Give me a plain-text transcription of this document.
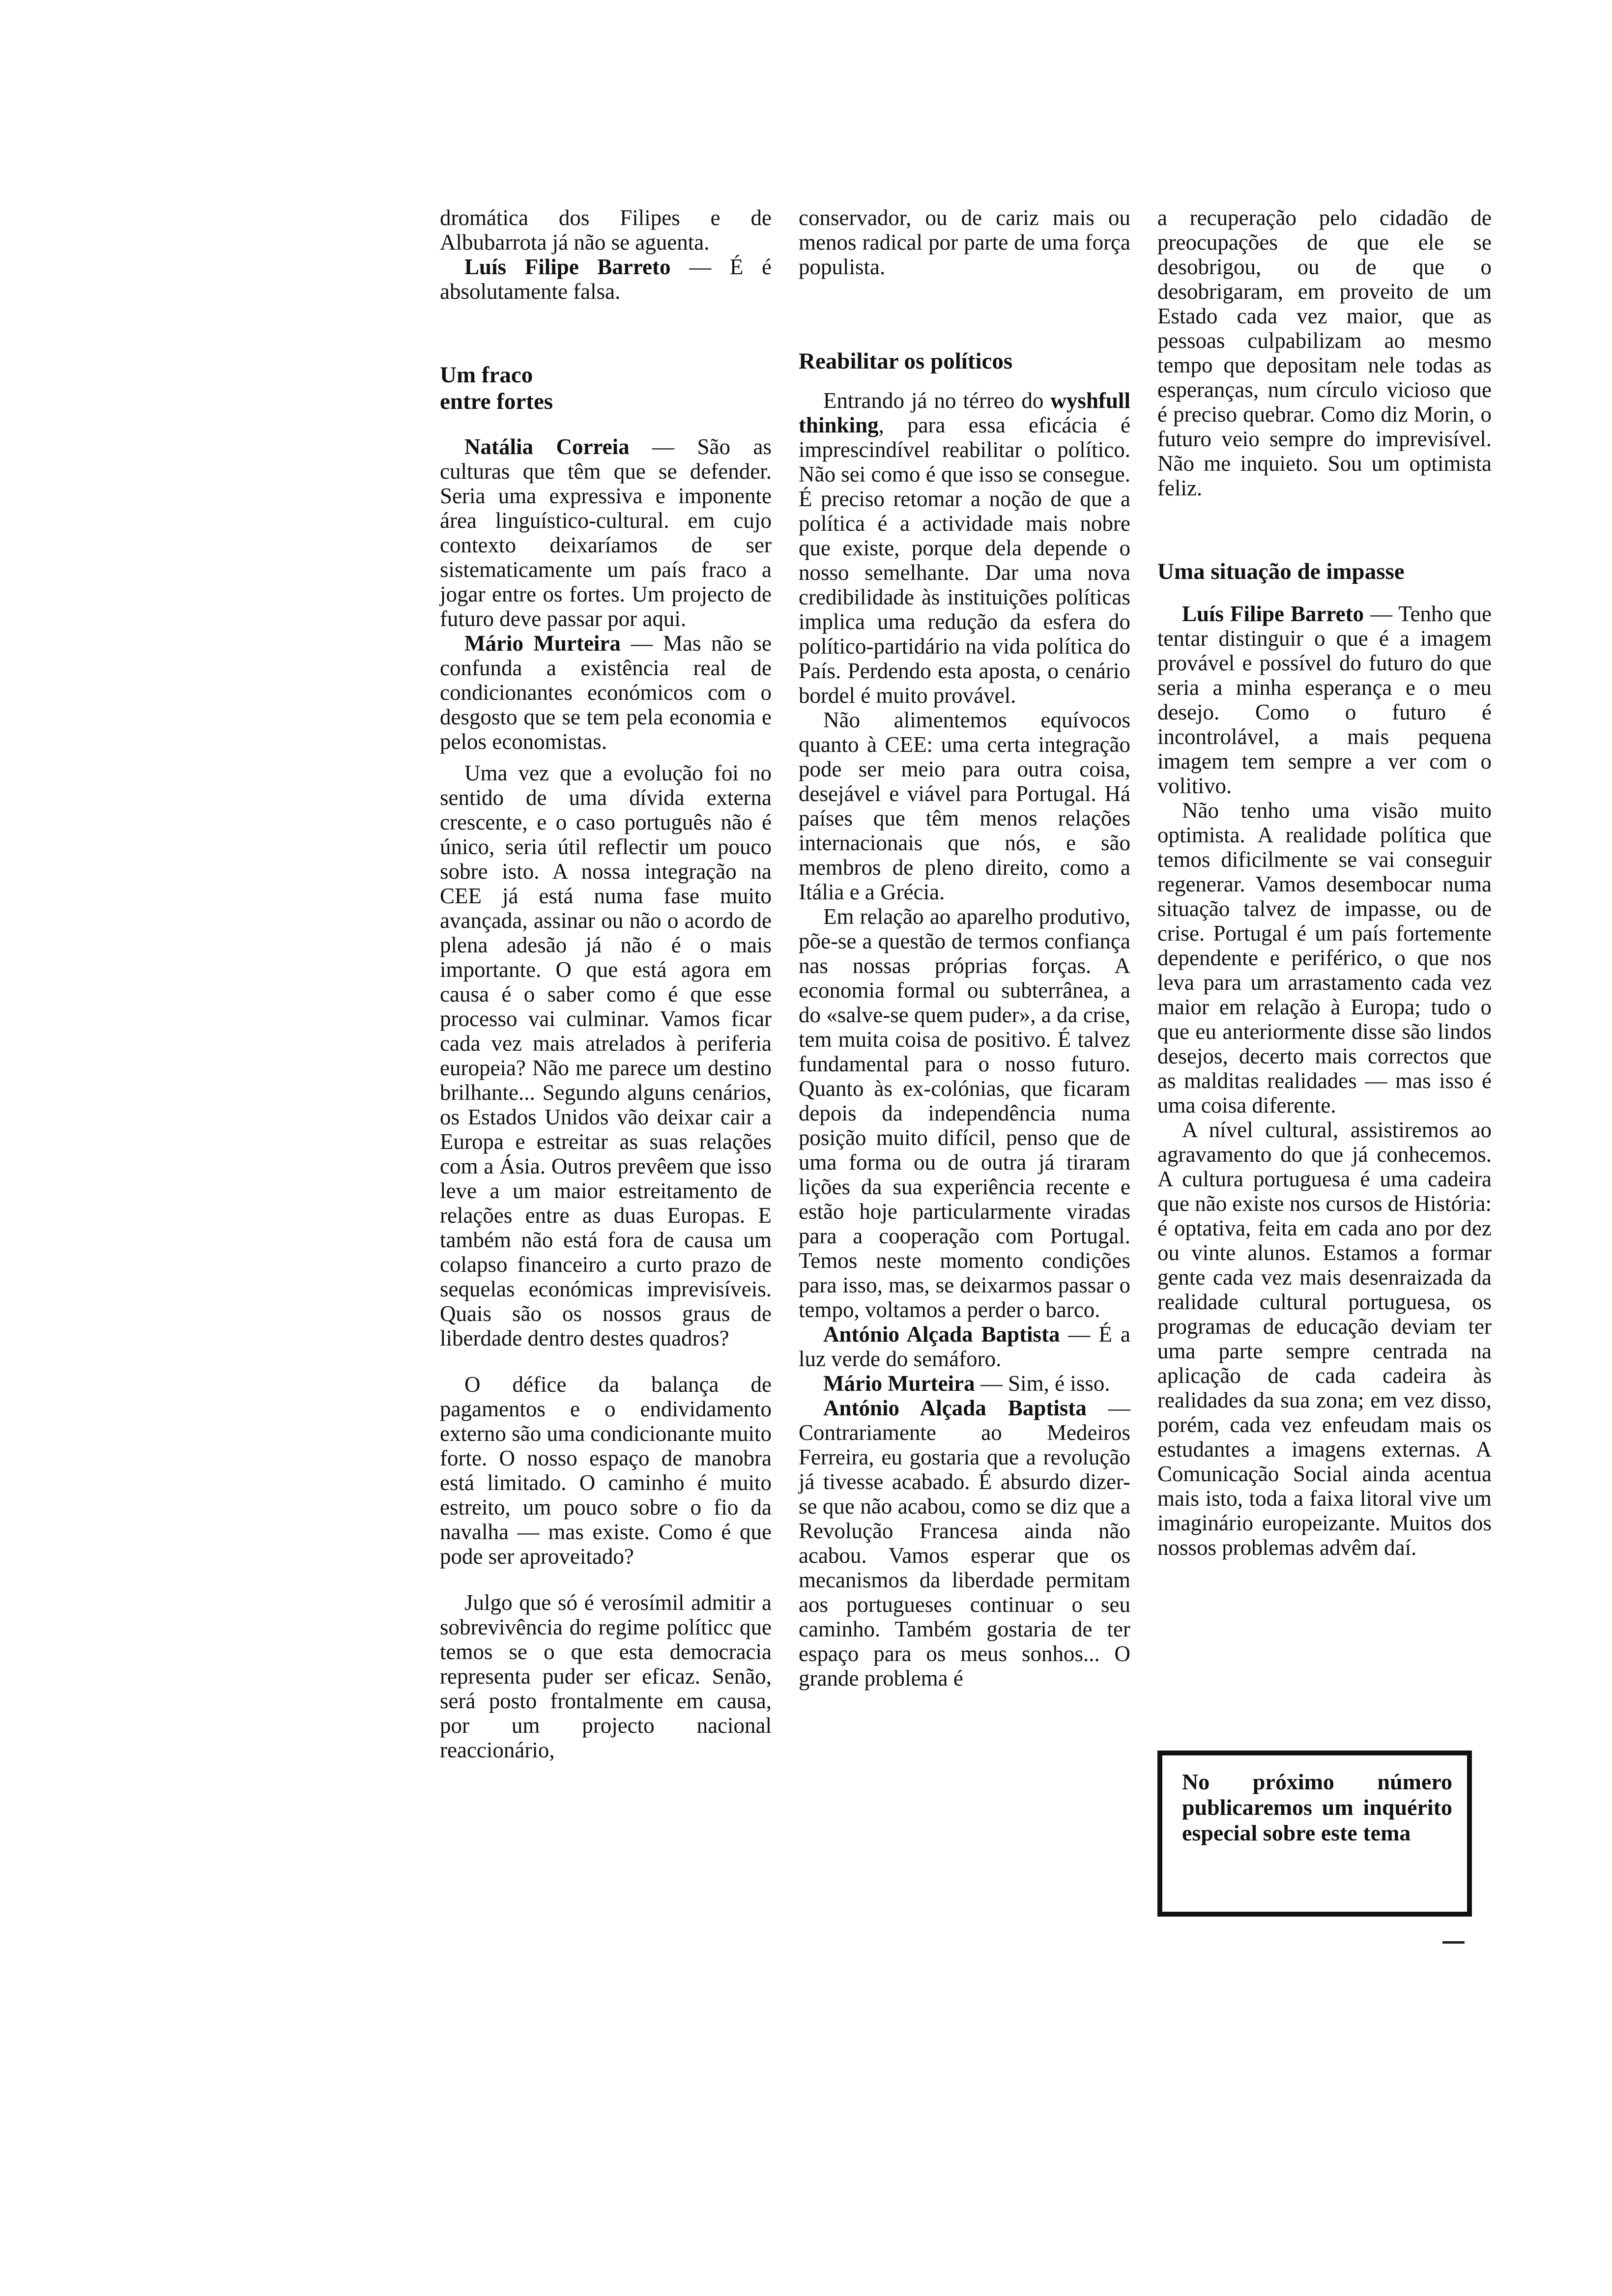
dromática dos Filipes e de Albubarrota já não se aguenta.

Luís Filipe Barreto — É é absolutamente falsa.

Um fraco entre fortes

Natália Correia — São as culturas que têm que se defender. Seria uma expressiva e imponente área linguístico-cultural. em cujo contexto deixaríamos de ser sistematicamente um país fraco a jogar entre os fortes. Um projecto de futuro deve passar por aqui.

Mário Murteira — Mas não se confunda a existência real de condicionantes económicos com o desgosto que se tem pela economia e pelos economistas.

Uma vez que a evolução foi no sentido de uma dívida externa crescente, e o caso português não é único, seria útil reflectir um pouco sobre isto. A nossa integração na CEE já está numa fase muito avançada, assinar ou não o acordo de plena adesão já não é o mais importante. O que está agora em causa é o saber como é que esse processo vai culminar. Vamos ficar cada vez mais atrelados à periferia europeia? Não me parece um destino brilhante... Segundo alguns cenários, os Estados Unidos vão deixar cair a Europa e estreitar as suas relações com a Ásia. Outros prevêem que isso leve a um maior estreitamento de relações entre as duas Europas. E também não está fora de causa um colapso financeiro a curto prazo de sequelas económicas imprevisíveis. Quais são os nossos graus de liberdade dentro destes quadros?

O défice da balança de pagamentos e o endividamento externo são uma condicionante muito forte. O nosso espaço de manobra está limitado. O caminho é muito estreito, um pouco sobre o fio da navalha — mas existe. Como é que pode ser aproveitado?

Julgo que só é verosímil admitir a sobrevivência do regime políticc que temos se o que esta democracia representa puder ser eficaz. Senão, será posto frontalmente em causa, por um projecto nacional reaccionário,

conservador, ou de cariz mais ou menos radical por parte de uma força populista.

Reabilitar os políticos

Entrando já no térreo do wyshfull thinking, para essa eficácia é imprescindível reabilitar o político. Não sei como é que isso se consegue. É preciso retomar a noção de que a política é a actividade mais nobre que existe, porque dela depende o nosso semelhante. Dar uma nova credibilidade às instituições políticas implica uma redução da esfera do político-partidário na vida política do País. Perdendo esta aposta, o cenário bordel é muito provável.

Não alimentemos equívocos quanto à CEE: uma certa integração pode ser meio para outra coisa, desejável e viável para Portugal. Há países que têm menos relações internacionais que nós, e são membros de pleno direito, como a Itália e a Grécia.

Em relação ao aparelho produtivo, põe-se a questão de termos confiança nas nossas próprias forças. A economia formal ou subterrânea, a do «salve-se quem puder», a da crise, tem muita coisa de positivo. É talvez fundamental para o nosso futuro. Quanto às ex-colónias, que ficaram depois da independência numa posição muito difícil, penso que de uma forma ou de outra já tiraram lições da sua experiência recente e estão hoje particularmente viradas para a cooperação com Portugal. Temos neste momento condições para isso, mas, se deixarmos passar o tempo, voltamos a perder o barco.

António Alçada Baptista — É a luz verde do semáforo.

Mário Murteira — Sim, é isso.

António Alçada Baptista — Contrariamente ao Medeiros Ferreira, eu gostaria que a revolução já tivesse acabado. É absurdo dizer-se que não acabou, como se diz que a Revolução Francesa ainda não acabou. Vamos esperar que os mecanismos da liberdade permitam aos portugueses continuar o seu caminho. Também gostaria de ter espaço para os meus sonhos... O grande problema é

a recuperação pelo cidadão de preocupações de que ele se desobrigou, ou de que o desobrigaram, em proveito de um Estado cada vez maior, que as pessoas culpabilizam ao mesmo tempo que depositam nele todas as esperanças, num círculo vicioso que é preciso quebrar. Como diz Morin, o futuro veio sempre do imprevisível. Não me inquieto. Sou um optimista feliz.

Uma situação de impasse

Luís Filipe Barreto — Tenho que tentar distinguir o que é a imagem provável e possível do futuro do que seria a minha esperança e o meu desejo. Como o futuro é incontrolável, a mais pequena imagem tem sempre a ver com o volitivo.

Não tenho uma visão muito optimista. A realidade política que temos dificilmente se vai conseguir regenerar. Vamos desembocar numa situação talvez de impasse, ou de crise. Portugal é um país fortemente dependente e periférico, o que nos leva para um arrastamento cada vez maior em relação à Europa; tudo o que eu anteriormente disse são lindos desejos, decerto mais correctos que as malditas realidades — mas isso é uma coisa diferente.

A nível cultural, assistiremos ao agravamento do que já conhecemos. A cultura portuguesa é uma cadeira que não existe nos cursos de História: é optativa, feita em cada ano por dez ou vinte alunos. Estamos a formar gente cada vez mais desenraizada da realidade cultural portuguesa, os programas de educação deviam ter uma parte sempre centrada na aplicação de cada cadeira às realidades da sua zona; em vez disso, porém, cada vez enfeudam mais os estudantes a imagens externas. A Comunicação Social ainda acentua mais isto, toda a faixa litoral vive um imaginário europeizante. Muitos dos nossos problemas advêm daí.

No próximo número publicaremos um inquérito especial sobre este tema
